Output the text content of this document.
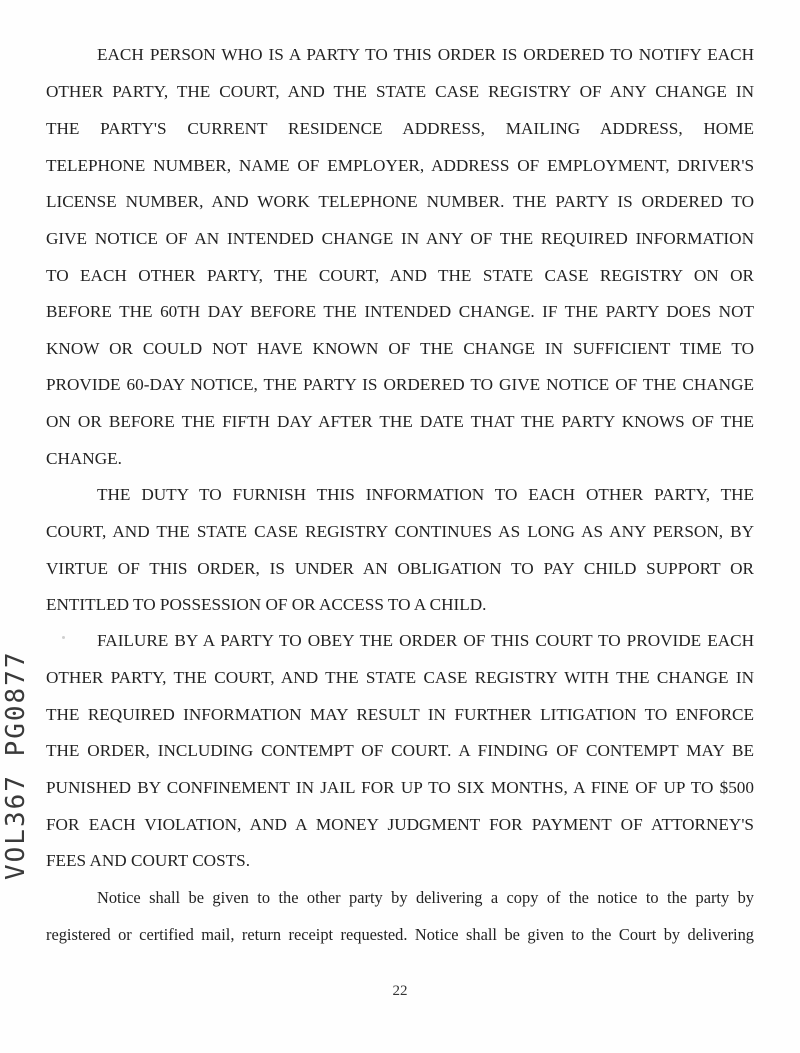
EACH PERSON WHO IS A PARTY TO THIS ORDER IS ORDERED TO NOTIFY EACH

OTHER PARTY, THE COURT, AND THE STATE CASE REGISTRY OF ANY CHANGE IN

THE PARTY'S CURRENT RESIDENCE ADDRESS, MAILING ADDRESS, HOME

TELEPHONE NUMBER, NAME OF EMPLOYER, ADDRESS OF EMPLOYMENT, DRIVER'S

LICENSE NUMBER, AND WORK TELEPHONE NUMBER. THE PARTY IS ORDERED TO

GIVE NOTICE OF AN INTENDED CHANGE IN ANY OF THE REQUIRED INFORMATION

TO EACH OTHER PARTY, THE COURT, AND THE STATE CASE REGISTRY ON OR

BEFORE THE 60TH DAY BEFORE THE INTENDED CHANGE. IF THE PARTY DOES NOT

KNOW OR COULD NOT HAVE KNOWN OF THE CHANGE IN SUFFICIENT TIME TO

PROVIDE 60-DAY NOTICE, THE PARTY IS ORDERED TO GIVE NOTICE OF THE CHANGE

ON OR BEFORE THE FIFTH DAY AFTER THE DATE THAT THE PARTY KNOWS OF THE

CHANGE.

THE DUTY TO FURNISH THIS INFORMATION TO EACH OTHER PARTY, THE

COURT, AND THE STATE CASE REGISTRY CONTINUES AS LONG AS ANY PERSON, BY

VIRTUE OF THIS ORDER, IS UNDER AN OBLIGATION TO PAY CHILD SUPPORT OR

ENTITLED TO POSSESSION OF OR ACCESS TO A CHILD.

FAILURE BY A PARTY TO OBEY THE ORDER OF THIS COURT TO PROVIDE EACH

OTHER PARTY, THE COURT, AND THE STATE CASE REGISTRY WITH THE CHANGE IN

THE REQUIRED INFORMATION MAY RESULT IN FURTHER LITIGATION TO ENFORCE

THE ORDER, INCLUDING CONTEMPT OF COURT. A FINDING OF CONTEMPT MAY BE

PUNISHED BY CONFINEMENT IN JAIL FOR UP TO SIX MONTHS, A FINE OF UP TO $500

FOR EACH VIOLATION, AND A MONEY JUDGMENT FOR PAYMENT OF ATTORNEY'S

FEES AND COURT COSTS.

Notice shall be given to the other party by delivering a copy of the notice to the party by

registered or certified mail, return receipt requested. Notice shall be given to the Court by delivering

22
VOL367 PG0877
